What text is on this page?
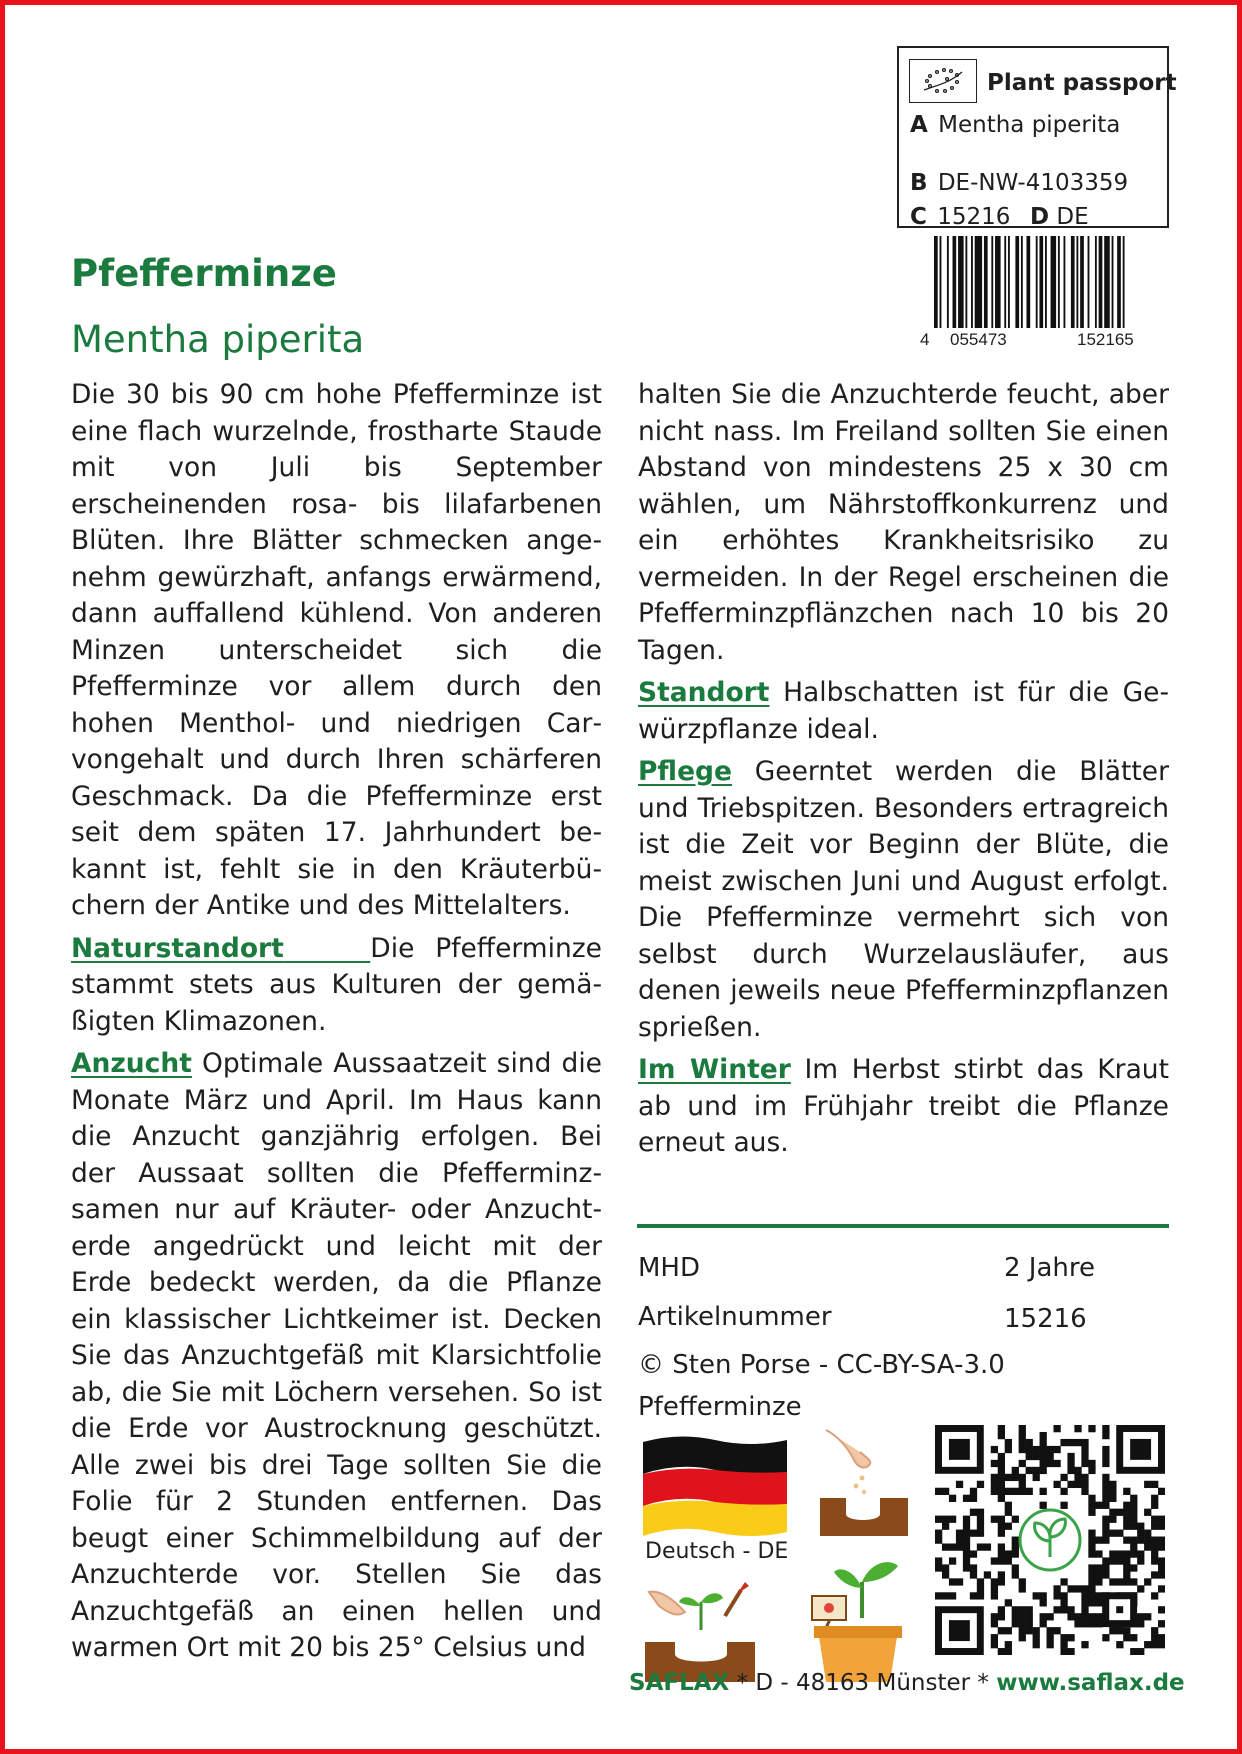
Plant passport
A Mentha piperita
B DE-NW-4103359
C 15216 D DE
4 055473	152165
Pfefferminze
Mentha piperita

Die 30 bis 90 cm hohe Pfefferminze ist eine flach wurzelnde, frostharte Staude mit von Juli bis September erscheinenden rosa- bis lilafarbenen Blüten. Ihre Blätter schmecken angenehm gewürzhaft, anfangs erwärmend, dann auffallend kühlend. Von anderen Minzen unterscheidet sich die Pfefferminze vor allem durch den hohen Menthol- und niedrigen Carvongehalt und durch Ihren schärferen Geschmack. Da die Pfefferminze erst seit dem späten 17. Jahrhundert bekannt ist, fehlt sie in den Kräuterbüchern der Antike und des Mittelalters.

Naturstandort	Die Pfefferminze stammt stets aus Kulturen der gemäßigten Klimazonen.

Anzucht Optimale Aussaatzeit sind die Monate März und April. Im Haus kann die Anzucht ganzjährig erfolgen. Bei der Aussaat sollten die Pfefferminzsamen nur auf Kräuter- oder Anzuchterde angedrückt und leicht mit der Erde bedeckt werden, da die Pflanze ein klassischer Lichtkeimer ist. Decken Sie das Anzuchtgefäß mit Klarsichtfolie ab, die Sie mit Löchern versehen. So ist die Erde vor Austrocknung geschützt. Alle zwei bis drei Tage sollten Sie die Folie für 2 Stunden entfernen. Das beugt einer Schimmelbildung auf der Anzuchterde vor. Stellen Sie das Anzuchtgefäß an einen hellen und warmen Ort mit 20 bis 25° Celsius und

halten Sie die Anzuchterde feucht, aber nicht nass. Im Freiland sollten Sie einen Abstand von mindestens 25 x 30 cm wählen, um Nährstoffkonkurrenz und ein erhöhtes Krankheitsrisiko zu vermeiden. In der Regel erscheinen die Pfefferminzpflänzchen nach 10 bis 20 Tagen.

Standort Halbschatten ist für die Gewürzpflanze ideal.

Pflege Geerntet werden die Blätter und Triebspitzen. Besonders ertragreich ist die Zeit vor Beginn der Blüte, die meist zwischen Juni und August erfolgt. Die Pfefferminze vermehrt sich von selbst durch Wurzelausläufer, aus denen jeweils neue Pfefferminzpflanzen sprießen.

Im Winter Im Herbst stirbt das Kraut ab und im Frühjahr treibt die Pflanze erneut aus.

MHD	2 Jahre
Artikelnummer	15216
© Sten Porse - CC-BY-SA-3.0
Pfefferminze
Deutsch - DE
SAFLAX * D - 48163 Münster * www.saflax.de
